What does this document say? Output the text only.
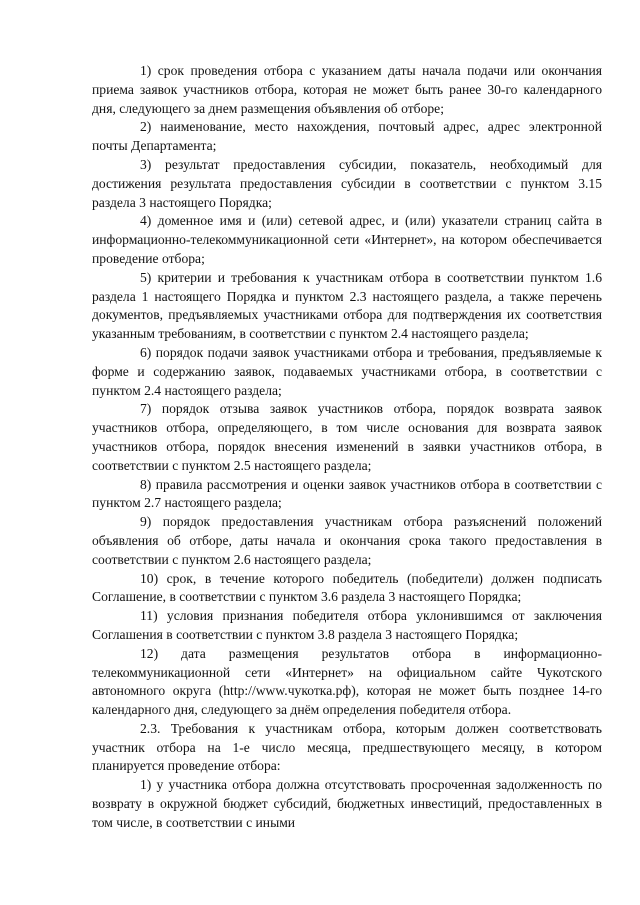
1) срок проведения отбора с указанием даты начала подачи или окончания приема заявок участников отбора, которая не может быть ранее 30-го календарного дня, следующего за днем размещения объявления об отборе;

2) наименование, место нахождения, почтовый адрес, адрес электронной почты Департамента;

3) результат предоставления субсидии, показатель, необходимый для достижения результата предоставления субсидии в соответствии с пунктом 3.15 раздела 3 настоящего Порядка;

4) доменное имя и (или) сетевой адрес, и (или) указатели страниц сайта в информационно-телекоммуникационной сети «Интернет», на котором обеспечивается проведение отбора;

5) критерии и требования к участникам отбора в соответствии пунктом 1.6 раздела 1 настоящего Порядка и пунктом 2.3 настоящего раздела, а также перечень документов, предъявляемых участниками отбора для подтверждения их соответствия указанным требованиям, в соответствии с пунктом 2.4 настоящего раздела;

6) порядок подачи заявок участниками отбора и требования, предъявляемые к форме и содержанию заявок, подаваемых участниками отбора, в соответствии с пунктом 2.4 настоящего раздела;

7) порядок отзыва заявок участников отбора, порядок возврата заявок участников отбора, определяющего, в том числе основания для возврата заявок участников отбора, порядок внесения изменений в заявки участников отбора, в соответствии с пунктом 2.5 настоящего раздела;

8) правила рассмотрения и оценки заявок участников отбора в соответствии с пунктом 2.7 настоящего раздела;

9) порядок предоставления участникам отбора разъяснений положений объявления об отборе, даты начала и окончания срока такого предоставления в соответствии с пунктом 2.6 настоящего раздела;

10) срок, в течение которого победитель (победители) должен подписать Соглашение, в соответствии с пунктом 3.6 раздела 3 настоящего Порядка;

11) условия признания победителя отбора уклонившимся от заключения Соглашения в соответствии с пунктом 3.8 раздела 3 настоящего Порядка;

12) дата размещения результатов отбора в информационно-телекоммуникационной сети «Интернет» на официальном сайте Чукотского автономного округа (http://www.чукотка.рф), которая не может быть позднее 14-го календарного дня, следующего за днём определения победителя отбора.

2.3. Требования к участникам отбора, которым должен соответствовать участник отбора на 1-е число месяца, предшествующего месяцу, в котором планируется проведение отбора:

1) у участника отбора должна отсутствовать просроченная задолженность по возврату в окружной бюджет субсидий, бюджетных инвестиций, предоставленных в том числе, в соответствии с иными
